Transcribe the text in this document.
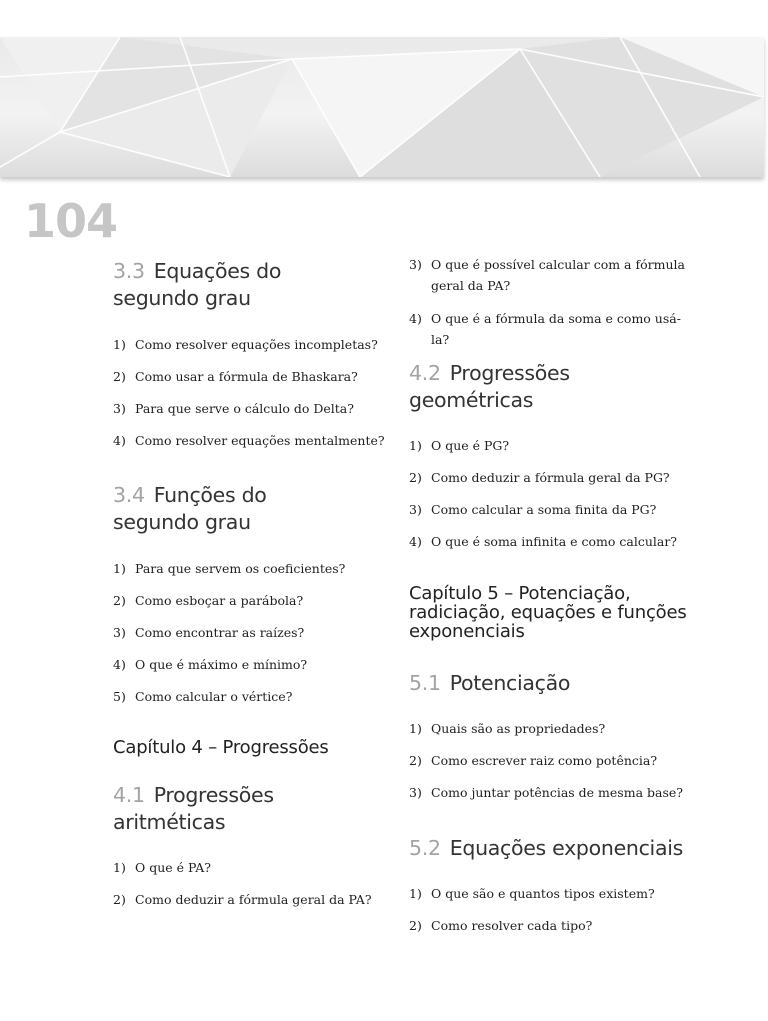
104
3.3 Equações do segundo grau
1) Como resolver equações incompletas?
2) Como usar a fórmula de Bhaskara?
3) Para que serve o cálculo do Delta?
4) Como resolver equações mentalmente?
3.4 Funções do segundo grau
1) Para que servem os coeficientes?
2) Como esboçar a parábola?
3) Como encontrar as raízes?
4) O que é máximo e mínimo?
5) Como calcular o vértice?
Capítulo 4 – Progressões
4.1 Progressões aritméticas
1) O que é PA?
2) Como deduzir a fórmula geral da PA?
3) O que é possível calcular com a fórmula geral da PA?
4) O que é a fórmula da soma e como usá-la?
4.2 Progressões geométricas
1) O que é PG?
2) Como deduzir a fórmula geral da PG?
3) Como calcular a soma finita da PG?
4) O que é soma infinita e como calcular?
Capítulo 5 – Potenciação, radiciação, equações e funções exponenciais
5.1 Potenciação
1) Quais são as propriedades?
2) Como escrever raiz como potência?
3) Como juntar potências de mesma base?
5.2 Equações exponenciais
1) O que são e quantos tipos existem?
2) Como resolver cada tipo?
